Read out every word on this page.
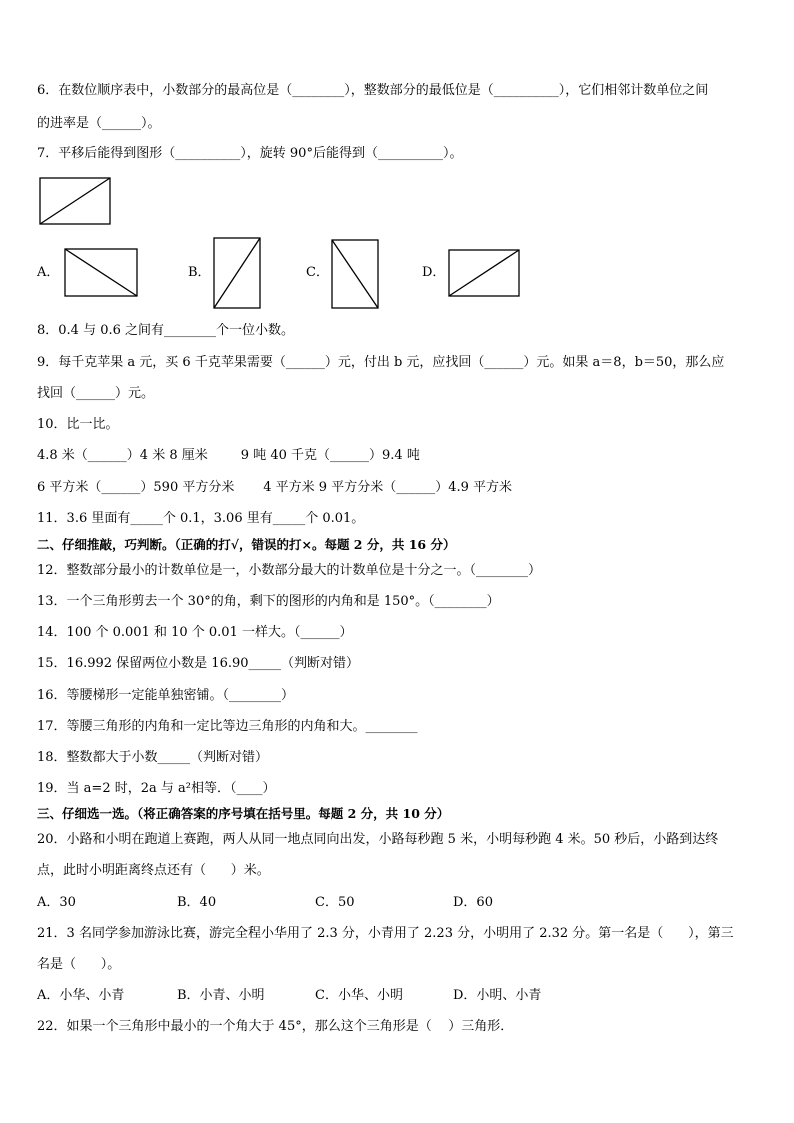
6．在数位顺序表中，小数部分的最高位是（________），整数部分的最低位是（__________），它们相邻计数单位之间
的进率是（______）。
7．平移后能得到图形（__________），旋转 90°后能得到（__________）。
A．	B．	C．	D．
8．0.4 与 0.6 之间有________个一位小数。
9．每千克苹果 a 元，买 6 千克苹果需要（______）元，付出 b 元，应找回（______）元。如果 a＝8，b＝50，那么应
找回（______）元。
10．比一比。
4.8 米（______）4 米 8 厘米        9 吨 40 千克（______）9.4 吨
6 平方米（______）590 平方分米       4 平方米 9 平方分米（______）4.9 平方米
11．3.6 里面有_____个 0.1，3.06 里有_____个 0.01。
二、仔细推敲，巧判断。（正确的打√，错误的打×。每题 2 分，共 16 分）
12．整数部分最小的计数单位是一，小数部分最大的计数单位是十分之一。（________）
13．一个三角形剪去一个 30°的角，剩下的图形的内角和是 150°。（________）
14．100 个 0.001 和 10 个 0.01 一样大。（______）
15．16.992 保留两位小数是 16.90_____（判断对错）
16．等腰梯形一定能单独密铺。（________）
17．等腰三角形的内角和一定比等边三角形的内角和大。________
18．整数都大于小数_____（判断对错）
19．当 a=2 时，2a 与 a²相等．（____）
三、仔细选一选。（将正确答案的序号填在括号里。每题 2 分，共 10 分）
20．小路和小明在跑道上赛跑，两人从同一地点同向出发，小路每秒跑 5 米，小明每秒跑 4 米。50 秒后，小路到达终
点，此时小明距离终点还有（      ）米。
A．30	B．40	C．50	D．60
21．3 名同学参加游泳比赛，游完全程小华用了 2.3 分，小青用了 2.23 分，小明用了 2.32 分。第一名是（      ），第三
名是（      ）。
A．小华、小青	B．小青、小明	C．小华、小明	D．小明、小青
22．如果一个三角形中最小的一个角大于 45°，那么这个三角形是（    ）三角形．
